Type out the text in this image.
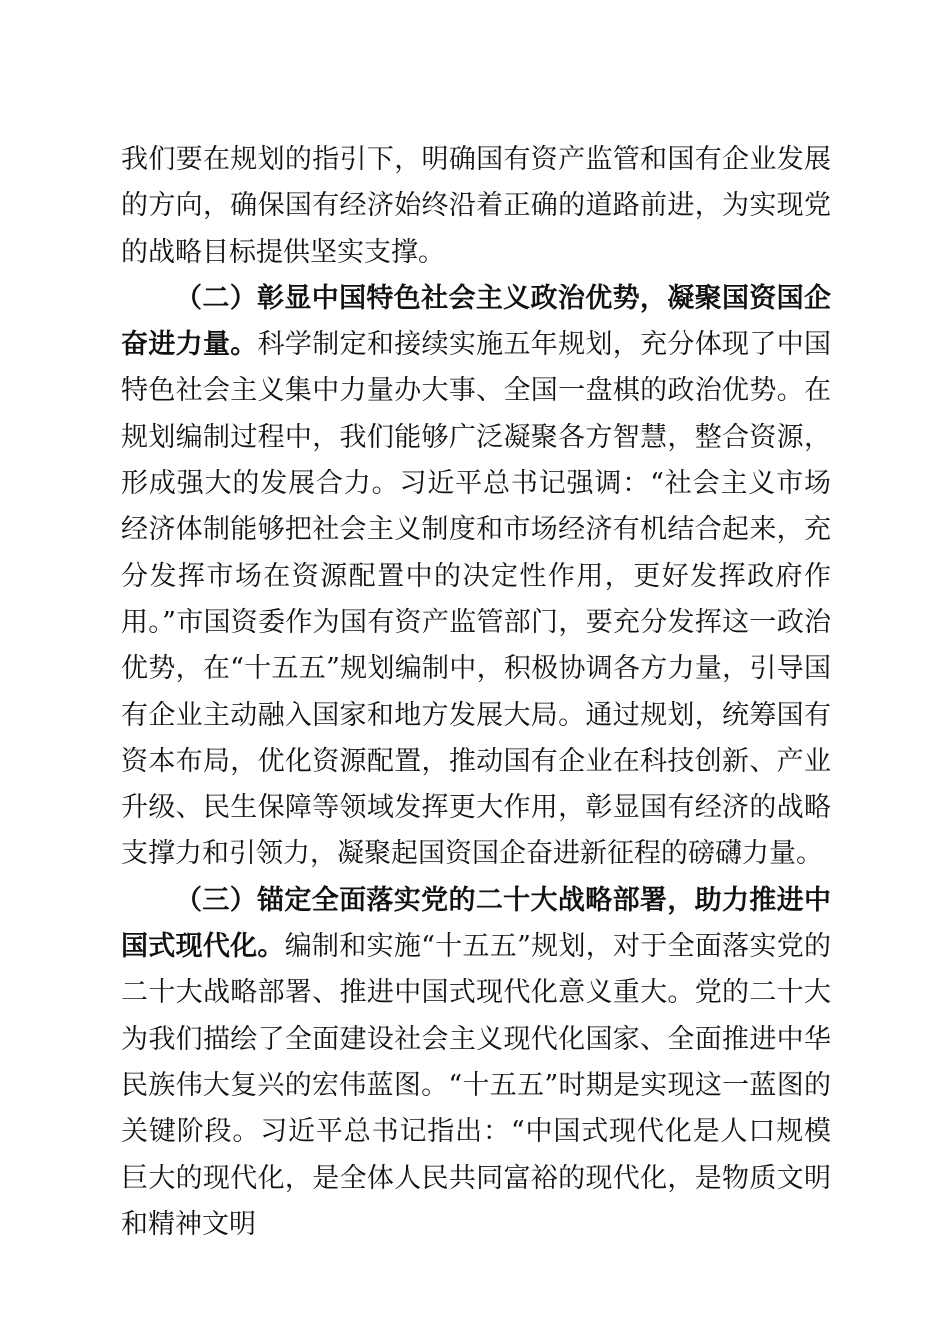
我们要在规划的指引下，明确国有资产监管和国有企业发展的方向，确保国有经济始终沿着正确的道路前进，为实现党的战略目标提供坚实支撑。

（二）彰显中国特色社会主义政治优势，凝聚国资国企奋进力量。科学制定和接续实施五年规划，充分体现了中国特色社会主义集中力量办大事、全国一盘棋的政治优势。在规划编制过程中，我们能够广泛凝聚各方智慧，整合资源，形成强大的发展合力。习近平总书记强调：“社会主义市场经济体制能够把社会主义制度和市场经济有机结合起来，充分发挥市场在资源配置中的决定性作用，更好发挥政府作用。”市国资委作为国有资产监管部门，要充分发挥这一政治优势，在“十五五”规划编制中，积极协调各方力量，引导国有企业主动融入国家和地方发展大局。通过规划，统筹国有资本布局，优化资源配置，推动国有企业在科技创新、产业升级、民生保障等领域发挥更大作用，彰显国有经济的战略支撑力和引领力，凝聚起国资国企奋进新征程的磅礴力量。

（三）锚定全面落实党的二十大战略部署，助力推进中国式现代化。编制和实施“十五五”规划，对于全面落实党的二十大战略部署、推进中国式现代化意义重大。党的二十大为我们描绘了全面建设社会主义现代化国家、全面推进中华民族伟大复兴的宏伟蓝图。“十五五”时期是实现这一蓝图的关键阶段。习近平总书记指出：“中国式现代化是人口规模巨大的现代化，是全体人民共同富裕的现代化，是物质文明和精神文明
